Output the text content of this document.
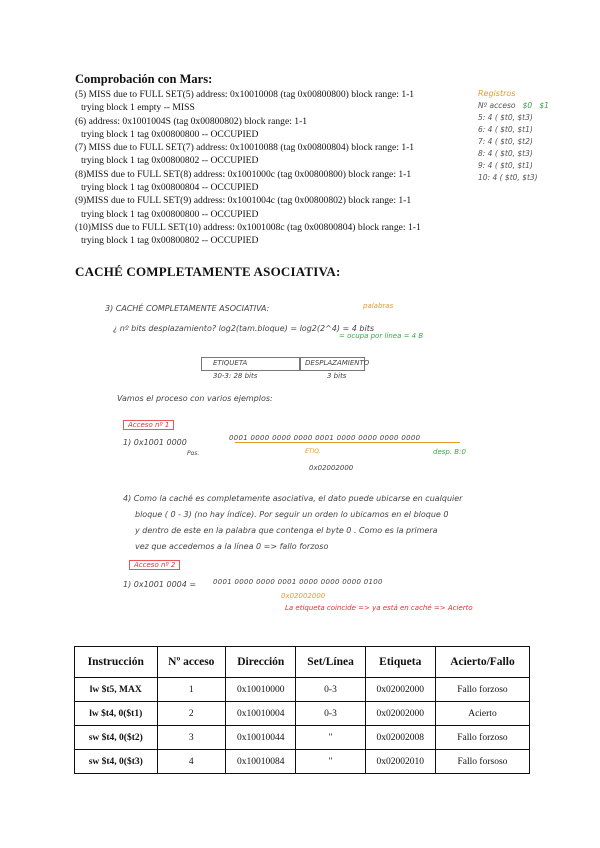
Comprobación con Mars:
(5) MISS due to FULL SET(5) address: 0x10010008 (tag 0x00800800) block range: 1-1
trying block 1 empty -- MISS
(6) address: 0x1001004S (tag 0x00800802) block range: 1-1
trying block 1 tag 0x00800800 -- OCCUPIED
(7) MISS due to FULL SET(7) address: 0x10010088 (tag 0x00800804) block range: 1-1
trying block 1 tag 0x00800802 -- OCCUPIED
(8)MISS due to FULL SET(8) address: 0x1001000c (tag 0x00800800) block range: 1-1
trying block 1 tag 0x00800804 -- OCCUPIED
(9)MISS due to FULL SET(9) address: 0x1001004c (tag 0x00800802) block range: 1-1
trying block 1 tag 0x00800800 -- OCCUPIED
(10)MISS due to FULL SET(10) address: 0x1001008c (tag 0x00800804) block range: 1-1
trying block 1 tag 0x00800802 -- OCCUPIED
Registros
Nº acceso $0 $1
5: 4 ( $t0, $t3)
6: 4 ( $t0, $t1)
7: 4 ( $t0, $t2)
8: 4 ( $t0, $t3)
9: 4 ( $t0, $t1)
10: 4 ( $t0, $t3)
CACHÉ COMPLETAMENTE ASOCIATIVA:
3) CACHÉ COMPLETAMENTE ASOCIATIVA:
¿ nº bits desplazamiento? log2(tam.bloque) = log2(2^4) = 4 bits
palabras
= ocupa por línea = 4 B
ETIQUETA	DESPLAZAMIENTO
30-3: 28 bits	3 bits
Vamos el proceso con varios ejemplos:
Acceso nº 1
1) 0x1001 0000
Pos.
0001 0000 0000 0000 0001 0000 0000 0000 0000
ETIQ.
0x02002000
desp. B:0
4) Como la caché es completamente asociativa, el dato puede ubicarse en cualquier
bloque ( 0 - 3) (no hay índice). Por seguir un orden lo ubicamos en el bloque 0
y dentro de este en la palabra que contenga el byte 0 . Como es la primera
vez que accedemos a la línea 0 => fallo forzoso
Acceso nº 2
1) 0x1001 0004 = 0001 0000 0000 0001 0000 0000 0000 0100
0x02002000
La etiqueta coincide => ya está en caché => Acierto
Instrucción	Nº acceso	Dirección	Set/Línea	Etiqueta	Acierto/Fallo
lw $t5, MAX	1	0x10010000	0-3	0x02002000	Fallo forzoso
lw $t4, 0($t1)	2	0x10010004	0-3	0x02002000	Acierto
sw $t4, 0($t2)	3	0x10010044	"	0x02002008	Fallo forzoso
sw $t4, 0($t3)	4	0x10010084	"	0x02002010	Fallo forsoso
